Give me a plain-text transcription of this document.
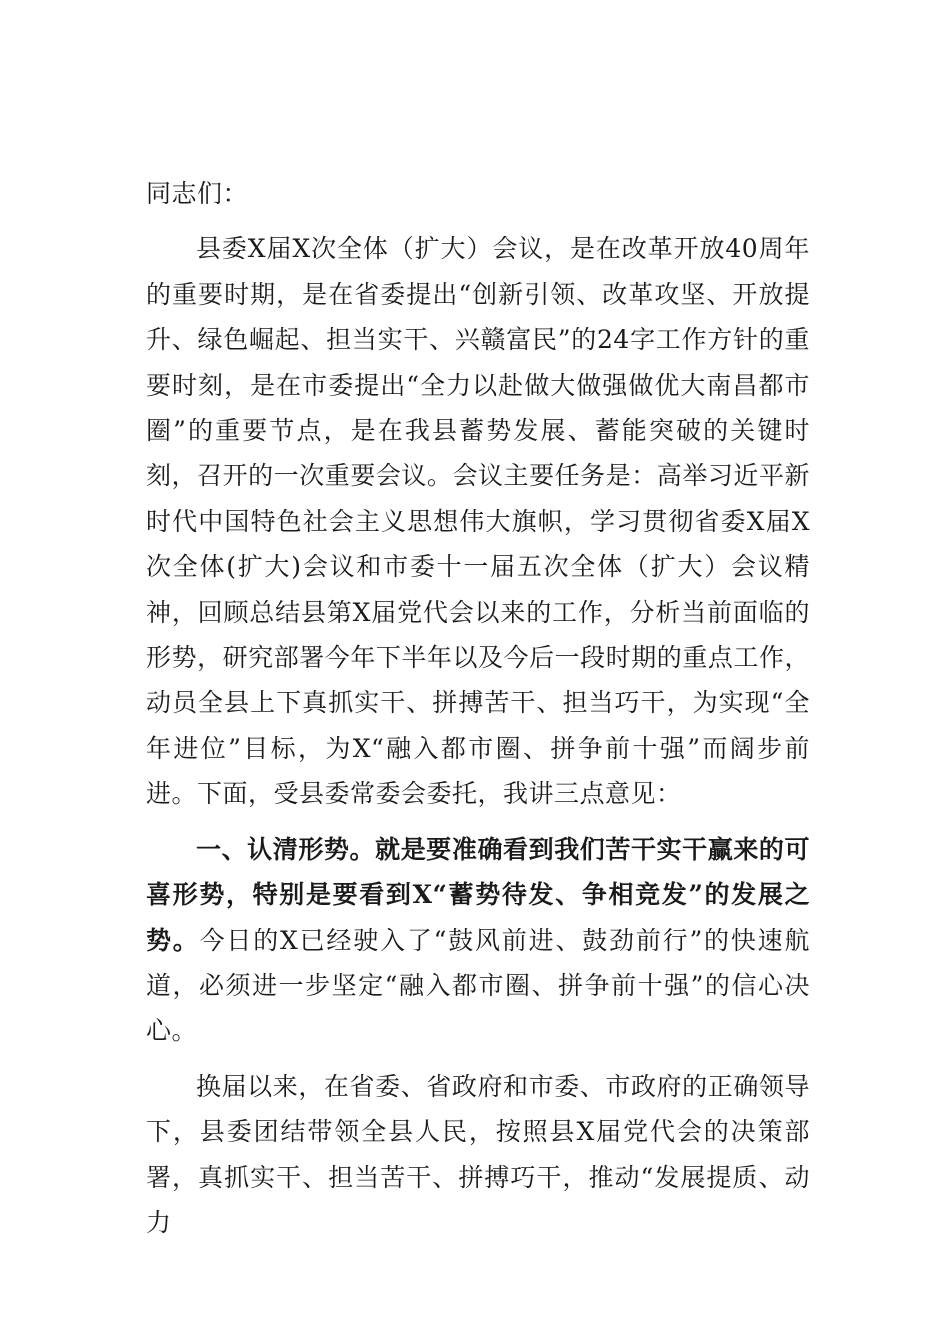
同志们：

县委X届X次全体（扩大）会议，是在改革开放40周年的重要时期，是在省委提出“创新引领、改革攻坚、开放提升、绿色崛起、担当实干、兴赣富民”的24字工作方针的重要时刻，是在市委提出“全力以赴做大做强做优大南昌都市圈”的重要节点，是在我县蓄势发展、蓄能突破的关键时刻，召开的一次重要会议。会议主要任务是：高举习近平新时代中国特色社会主义思想伟大旗帜，学习贯彻省委X届X次全体(扩大)会议和市委十一届五次全体（扩大）会议精神，回顾总结县第X届党代会以来的工作，分析当前面临的形势，研究部署今年下半年以及今后一段时期的重点工作，动员全县上下真抓实干、拼搏苦干、担当巧干，为实现“全年进位”目标，为X“融入都市圈、拼争前十强”而阔步前进。下面，受县委常委会委托，我讲三点意见：

一、认清形势。就是要准确看到我们苦干实干赢来的可喜形势，特别是要看到X“蓄势待发、争相竞发”的发展之势。今日的X已经驶入了“鼓风前进、鼓劲前行”的快速航道，必须进一步坚定“融入都市圈、拼争前十强”的信心决心。

换届以来，在省委、省政府和市委、市政府的正确领导下，县委团结带领全县人民，按照县X届党代会的决策部署，真抓实干、担当苦干、拼搏巧干，推动“发展提质、动力
